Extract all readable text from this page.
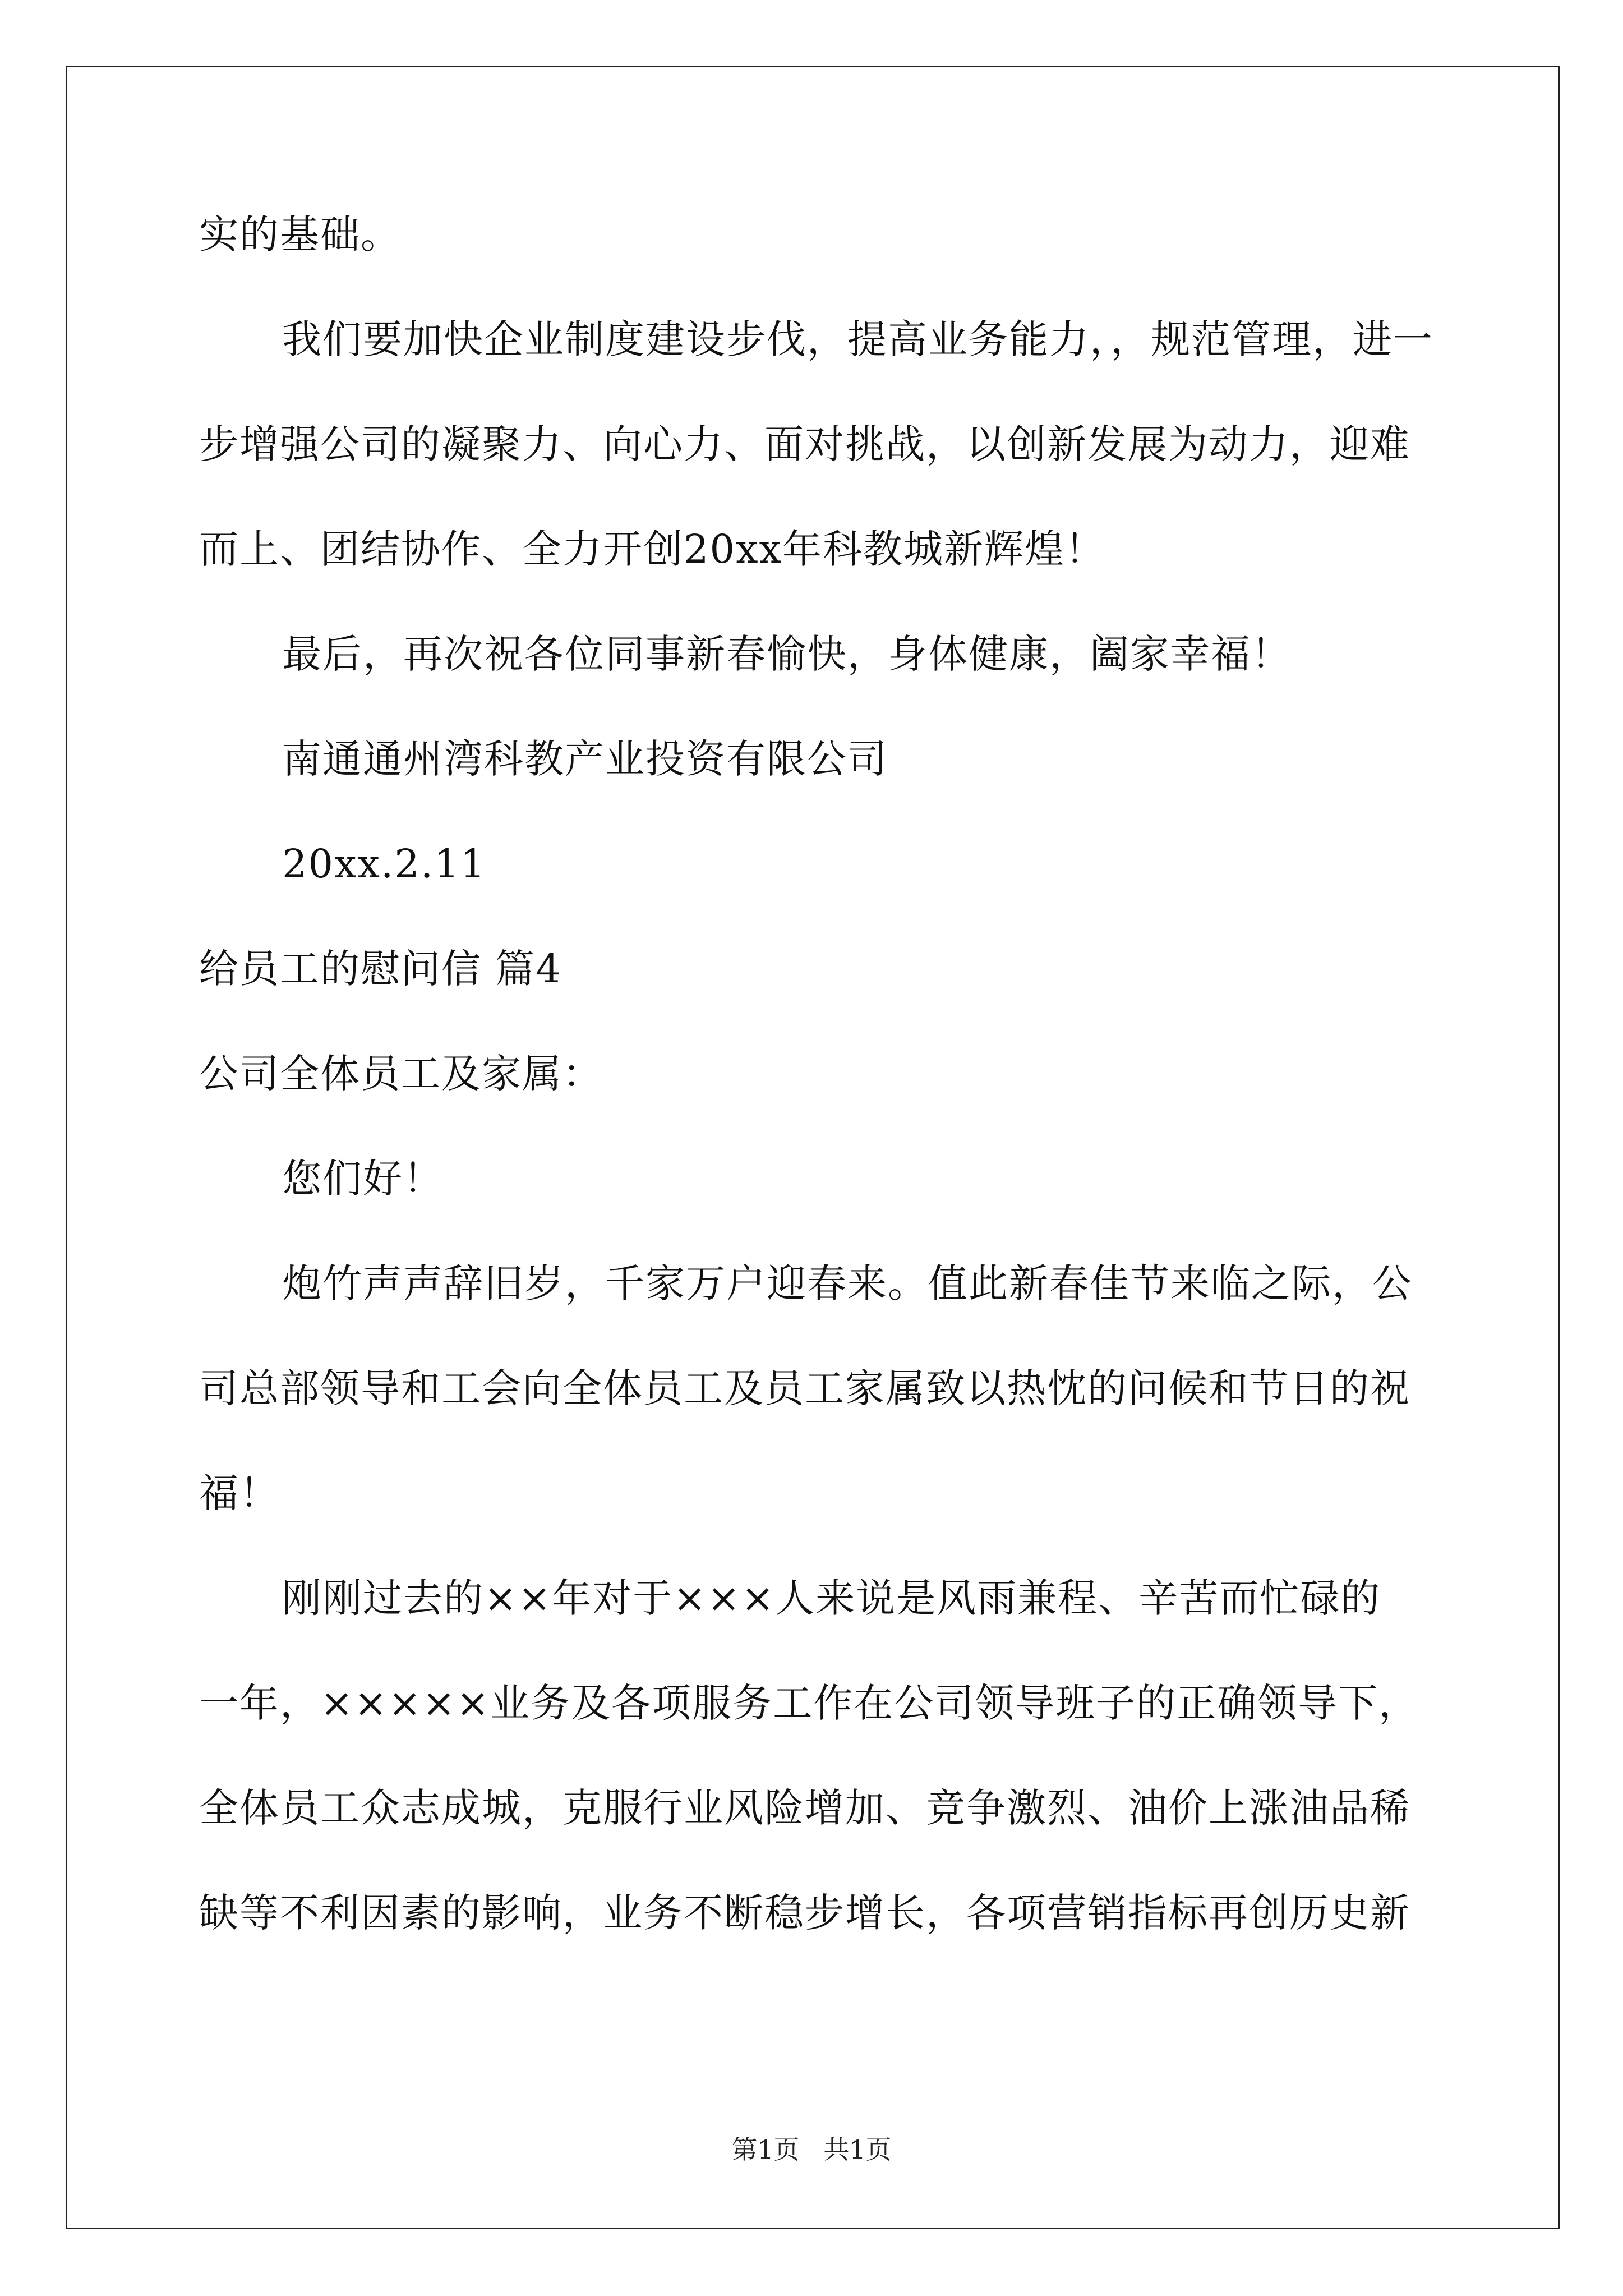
实的基础。
我们要加快企业制度建设步伐，提高业务能力，，规范管理，进一
步增强公司的凝聚力、向心力、面对挑战，以创新发展为动力，迎难
而上、团结协作、全力开创20xx年科教城新辉煌！
最后，再次祝各位同事新春愉快，身体健康，阖家幸福！
南通通州湾科教产业投资有限公司
20xx.2.11
给员工的慰问信 篇4
公司全体员工及家属：
您们好！
炮竹声声辞旧岁，千家万户迎春来。值此新春佳节来临之际，公
司总部领导和工会向全体员工及员工家属致以热忱的问候和节日的祝
福！
刚刚过去的××年对于×××人来说是风雨兼程、辛苦而忙碌的
一年，×××××业务及各项服务工作在公司领导班子的正确领导下，
全体员工众志成城，克服行业风险增加、竞争激烈、油价上涨油品稀
缺等不利因素的影响，业务不断稳步增长，各项营销指标再创历史新
第1页 共1页
